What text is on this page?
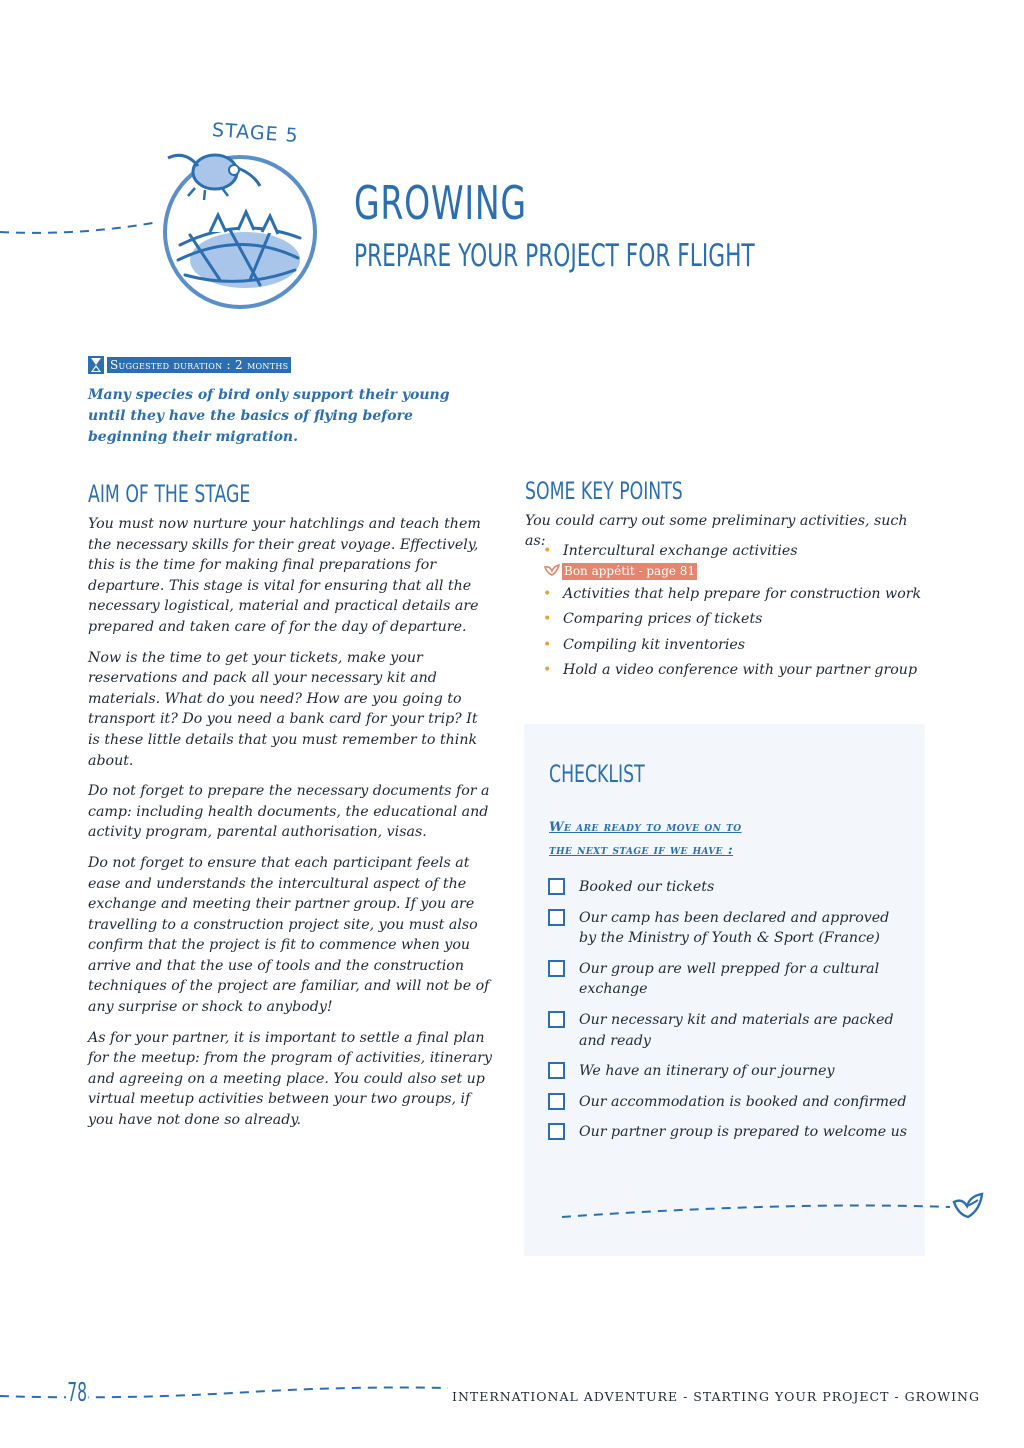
STAGE 5
GROWING
PREPARE YOUR PROJECT FOR FLIGHT
Suggested duration : 2 months
Many species of bird only support their young until they have the basics of flying before beginning their migration.
AIM OF THE STAGE

You must now nurture your hatchlings and teach them the necessary skills for their great voyage. Effectively, this is the time for making final preparations for departure. This stage is vital for ensuring that all the necessary logistical, material and practical details are prepared and taken care of for the day of departure.

Now is the time to get your tickets, make your reservations and pack all your necessary kit and materials. What do you need? How are you going to transport it? Do you need a bank card for your trip? It is these little details that you must remember to think about.

Do not forget to prepare the necessary documents for a camp: including health documents, the educational and activity program, parental authorisation, visas.

Do not forget to ensure that each participant feels at ease and understands the intercultural aspect of the exchange and meeting their partner group. If you are travelling to a construction project site, you must also confirm that the project is fit to commence when you arrive and that the use of tools and the construction techniques of the project are familiar, and will not be of any surprise or shock to anybody!

As for your partner, it is important to settle a final plan for the meetup: from the program of activities, itinerary and agreeing on a meeting place. You could also set up virtual meetup activities between your two groups, if you have not done so already.

SOME KEY POINTS
You could carry out some preliminary activities, such as:
• Intercultural exchange activities
Bon appétit - page 81
• Activities that help prepare for construction work
• Comparing prices of tickets
• Compiling kit inventories
• Hold a video conference with your partner group
CHECKLIST
We are ready to move on to
the next stage if we have :
Booked our tickets
Our camp has been declared and approved by the Ministry of Youth & Sport (France)
Our group are well prepped for a cultural exchange
Our necessary kit and materials are packed and ready
We have an itinerary of our journey
Our accommodation is booked and confirmed
Our partner group is prepared to welcome us
78	INTERNATIONAL ADVENTURE - STARTING YOUR PROJECT - GROWING
